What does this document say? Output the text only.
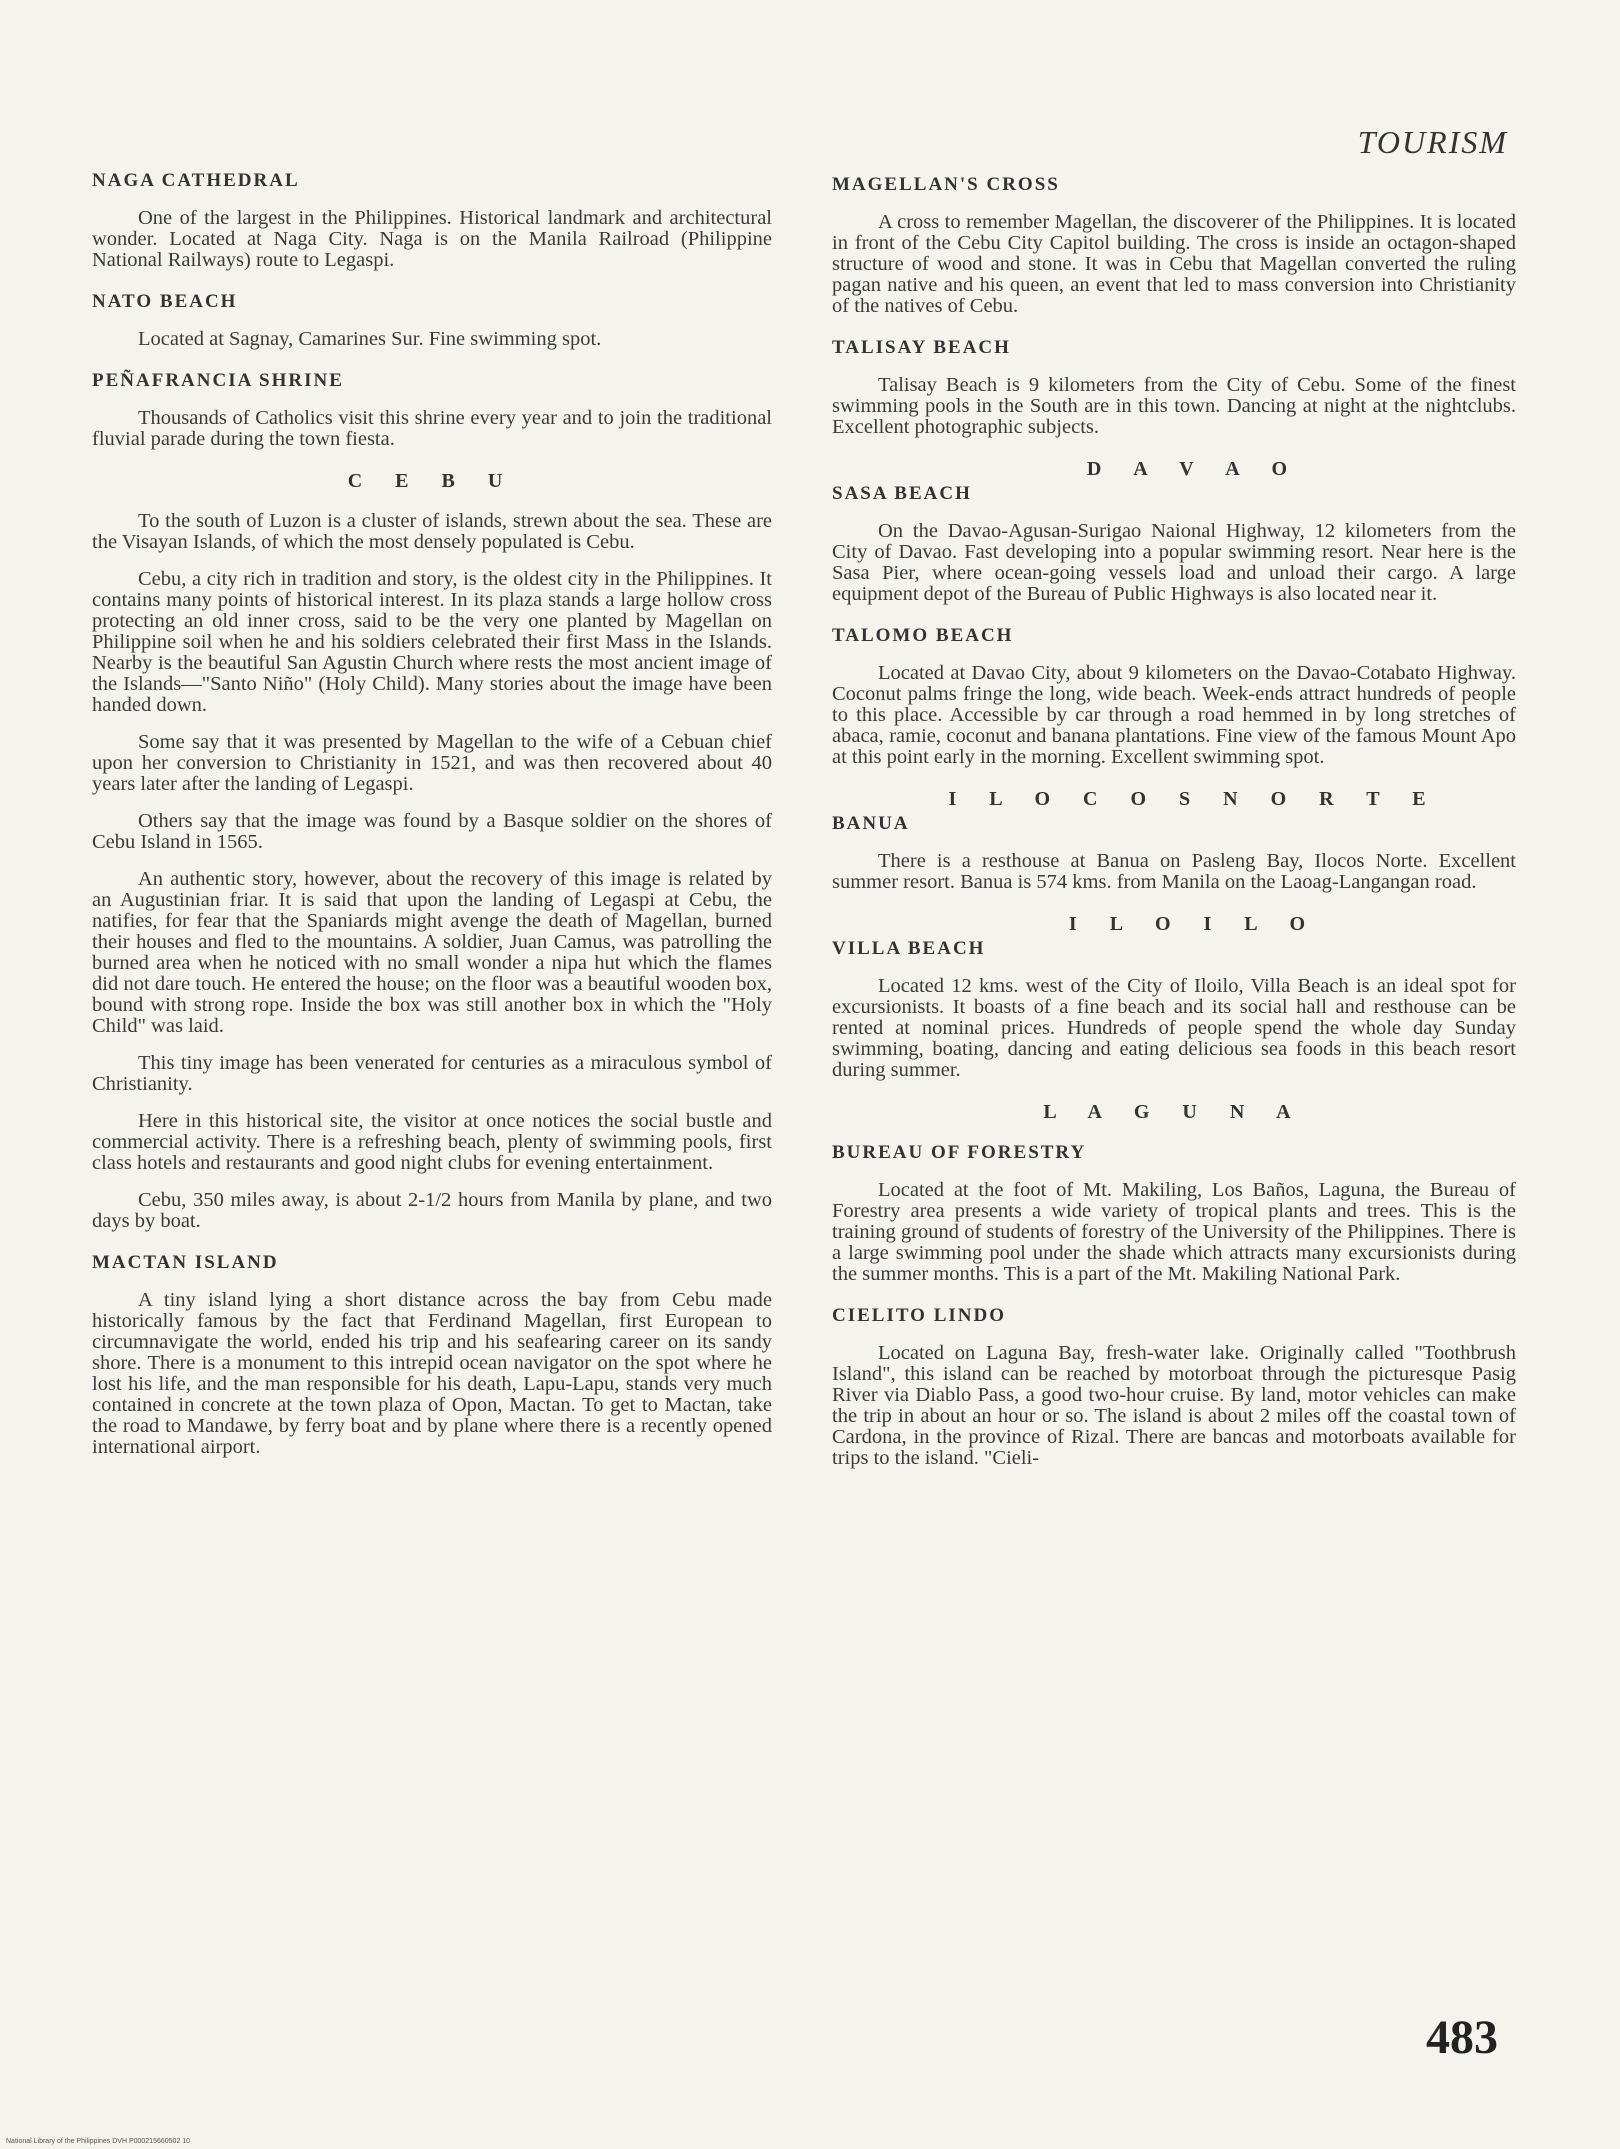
TOURISM
NAGA CATHEDRAL

One of the largest in the Philippines. Historical landmark and architectural wonder. Located at Naga City. Naga is on the Manila Railroad (Philippine National Railways) route to Legaspi.

NATO BEACH

Located at Sagnay, Camarines Sur. Fine swimming spot.

PEÑAFRANCIA SHRINE

Thousands of Catholics visit this shrine every year and to join the traditional fluvial parade during the town fiesta.

C E B U

To the south of Luzon is a cluster of islands, strewn about the sea. These are the Visayan Islands, of which the most densely populated is Cebu.

Cebu, a city rich in tradition and story, is the oldest city in the Philippines. It contains many points of historical interest. In its plaza stands a large hollow cross protecting an old inner cross, said to be the very one planted by Magellan on Philippine soil when he and his soldiers celebrated their first Mass in the Islands. Nearby is the beautiful San Agustin Church where rests the most ancient image of the Islands—"Santo Niño" (Holy Child). Many stories about the image have been handed down.

Some say that it was presented by Magellan to the wife of a Cebuan chief upon her conversion to Christianity in 1521, and was then recovered about 40 years later after the landing of Legaspi.

Others say that the image was found by a Basque soldier on the shores of Cebu Island in 1565.

An authentic story, however, about the recovery of this image is related by an Augustinian friar. It is said that upon the landing of Legaspi at Cebu, the natifies, for fear that the Spaniards might avenge the death of Magellan, burned their houses and fled to the mountains. A soldier, Juan Camus, was patrolling the burned area when he noticed with no small wonder a nipa hut which the flames did not dare touch. He entered the house; on the floor was a beautiful wooden box, bound with strong rope. Inside the box was still another box in which the "Holy Child" was laid.

This tiny image has been venerated for centuries as a miraculous symbol of Christianity.

Here in this historical site, the visitor at once notices the social bustle and commercial activity. There is a refreshing beach, plenty of swimming pools, first class hotels and restaurants and good night clubs for evening entertainment.

Cebu, 350 miles away, is about 2-1/2 hours from Manila by plane, and two days by boat.

MACTAN ISLAND

A tiny island lying a short distance across the bay from Cebu made historically famous by the fact that Ferdinand Magellan, first European to circumnavigate the world, ended his trip and his seafearing career on its sandy shore. There is a monument to this intrepid ocean navigator on the spot where he lost his life, and the man responsible for his death, Lapu-Lapu, stands very much contained in concrete at the town plaza of Opon, Mactan. To get to Mactan, take the road to Mandawe, by ferry boat and by plane where there is a recently opened international airport.

MAGELLAN'S CROSS

A cross to remember Magellan, the discoverer of the Philippines. It is located in front of the Cebu City Capitol building. The cross is inside an octagon-shaped structure of wood and stone. It was in Cebu that Magellan converted the ruling pagan native and his queen, an event that led to mass conversion into Christianity of the natives of Cebu.

TALISAY BEACH

Talisay Beach is 9 kilometers from the City of Cebu. Some of the finest swimming pools in the South are in this town. Dancing at night at the nightclubs. Excellent photographic subjects.

D A V A O
SASA BEACH

On the Davao-Agusan-Surigao Naional Highway, 12 kilometers from the City of Davao. Fast developing into a popular swimming resort. Near here is the Sasa Pier, where ocean-going vessels load and unload their cargo. A large equipment depot of the Bureau of Public Highways is also located near it.

TALOMO BEACH

Located at Davao City, about 9 kilometers on the Davao-Cotabato Highway. Coconut palms fringe the long, wide beach. Week-ends attract hundreds of people to this place. Accessible by car through a road hemmed in by long stretches of abaca, ramie, coconut and banana plantations. Fine view of the famous Mount Apo at this point early in the morning. Excellent swimming spot.

I L O C O S N O R T E
BANUA

There is a resthouse at Banua on Pasleng Bay, Ilocos Norte. Excellent summer resort. Banua is 574 kms. from Manila on the Laoag-Langangan road.

I L O I L O
VILLA BEACH

Located 12 kms. west of the City of Iloilo, Villa Beach is an ideal spot for excursionists. It boasts of a fine beach and its social hall and resthouse can be rented at nominal prices. Hundreds of people spend the whole day Sunday swimming, boating, dancing and eating delicious sea foods in this beach resort during summer.

L A G U N A
BUREAU OF FORESTRY

Located at the foot of Mt. Makiling, Los Baños, Laguna, the Bureau of Forestry area presents a wide variety of tropical plants and trees. This is the training ground of students of forestry of the University of the Philippines. There is a large swimming pool under the shade which attracts many excursionists during the summer months. This is a part of the Mt. Makiling National Park.

CIELITO LINDO

Located on Laguna Bay, fresh-water lake. Originally called "Toothbrush Island", this island can be reached by motorboat through the picturesque Pasig River via Diablo Pass, a good two-hour cruise. By land, motor vehicles can make the trip in about an hour or so. The island is about 2 miles off the coastal town of Cardona, in the province of Rizal. There are bancas and motorboats available for trips to the island. "Cieli-

483
National Library of the Philippines DVH P000215660502 10
